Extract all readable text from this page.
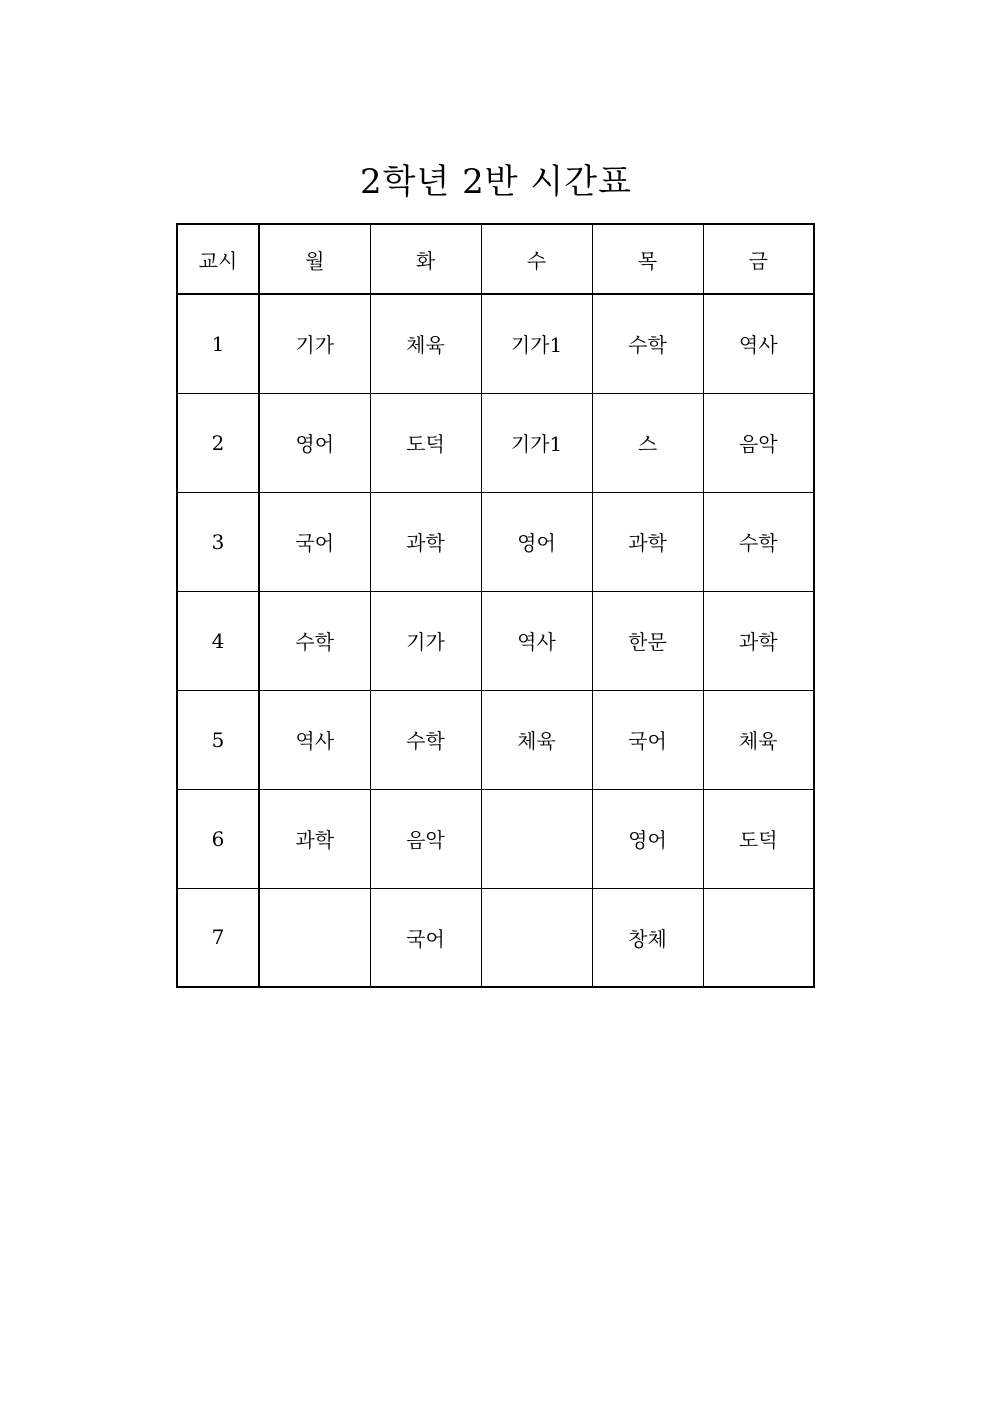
2학년 2반 시간표
교시	월	화	수	목	금
1	기가	체육	기가1	수학	역사
2	영어	도덕	기가1	스	음악
3	국어	과학	영어	과학	수학
4	수학	기가	역사	한문	과학
5	역사	수학	체육	국어	체육
6	과학	음악		영어	도덕
7		국어		창체	
